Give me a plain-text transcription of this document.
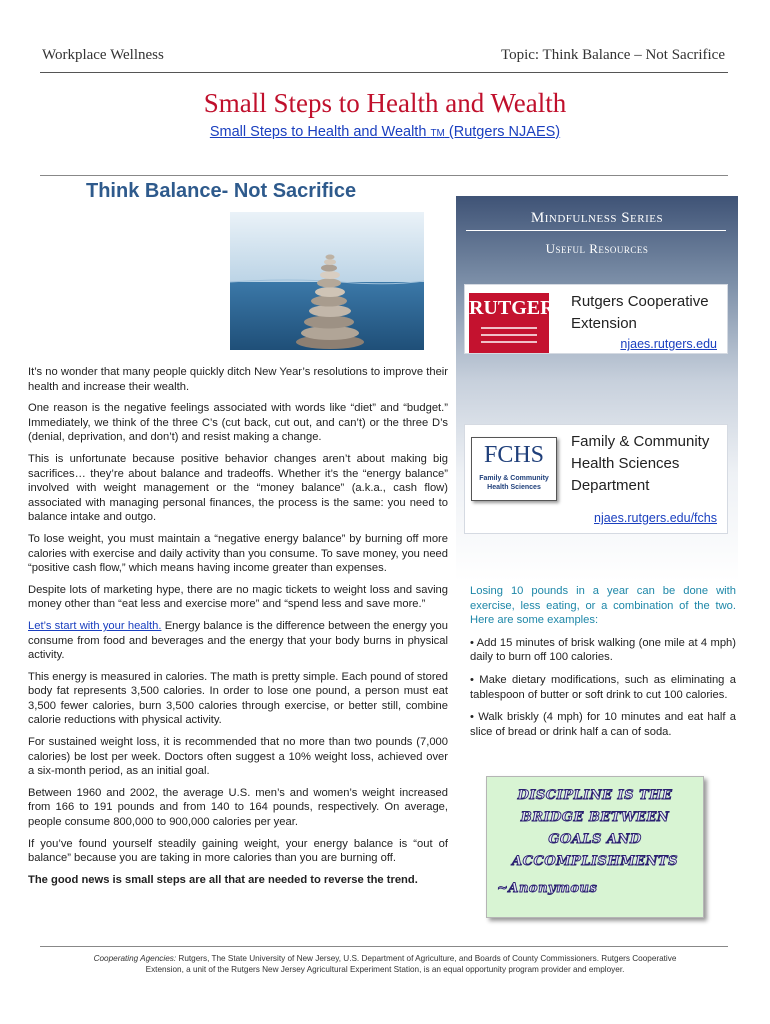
Workplace Wellness	Topic: Think Balance – Not Sacrifice
Small Steps to Health and Wealth
Small Steps to Health and Wealth TM (Rutgers NJAES)
Think Balance- Not Sacrifice

It’s no wonder that many people quickly ditch New Year’s resolutions to improve their health and increase their wealth.

One reason is the negative feelings associated with words like “diet” and “budget.” Immediately, we think of the three C’s (cut back, cut out, and can’t) or the three D’s (denial, deprivation, and don’t) and resist making a change.

This is unfortunate because positive behavior changes aren’t about making big sacrifices… they’re about balance and tradeoffs. Whether it’s the “energy balance” involved with weight management or the “money balance” (a.k.a., cash flow) associated with managing personal finances, the process is the same: you need to balance intake and outgo.

To lose weight, you must maintain a “negative energy balance” by burning off more calories with exercise and daily activity than you consume. To save money, you need “positive cash flow,” which means having income greater than expenses.

Despite lots of marketing hype, there are no magic tickets to weight loss and saving money other than “eat less and exercise more” and “spend less and save more.”

Let’s start with your health. Energy balance is the difference between the energy you consume from food and beverages and the energy that your body burns in physical activity.

This energy is measured in calories. The math is pretty simple. Each pound of stored body fat represents 3,500 calories. In order to lose one pound, a person must eat 3,500 fewer calories, burn 3,500 calories through exercise, or better still, combine calorie reductions with physical activity.

For sustained weight loss, it is recommended that no more than two pounds (7,000 calories) be lost per week. Doctors often suggest a 10% weight loss, achieved over a six-month period, as an initial goal.

Between 1960 and 2002, the average U.S. men’s and women’s weight increased from 166 to 191 pounds and from 140 to 164 pounds, respectively. On average, people consume 800,000 to 900,000 calories per year.

If you’ve found yourself steadily gaining weight, your energy balance is “out of balance” because you are taking in more calories than you are burning off.

The good news is small steps are all that are needed to reverse the trend.

Mindfulness Series
Useful Resources
RUTGERS Rutgers Cooperative
Extension
njaes.rutgers.edu
FCHS
Family & Community
Health Sciences
Family & Community
Health Sciences
Department
njaes.rutgers.edu/fchs

Losing 10 pounds in a year can be done with exercise, less eating, or a combination of the two. Here are some examples:

• Add 15 minutes of brisk walking (one mile at 4 mph) daily to burn off 100 calories.

• Make dietary modifications, such as eliminating a tablespoon of butter or soft drink to cut 100 calories.

• Walk briskly (4 mph) for 10 minutes and eat half a slice of bread or drink half a can of soda.

DISCIPLINE IS THE
BRIDGE BETWEEN
GOALS AND
ACCOMPLISHMENTS
~Anonymous
Cooperating Agencies: Rutgers, The State University of New Jersey, U.S. Department of Agriculture, and Boards of County Commissioners. Rutgers Cooperative
Extension, a unit of the Rutgers New Jersey Agricultural Experiment Station, is an equal opportunity program provider and employer.
